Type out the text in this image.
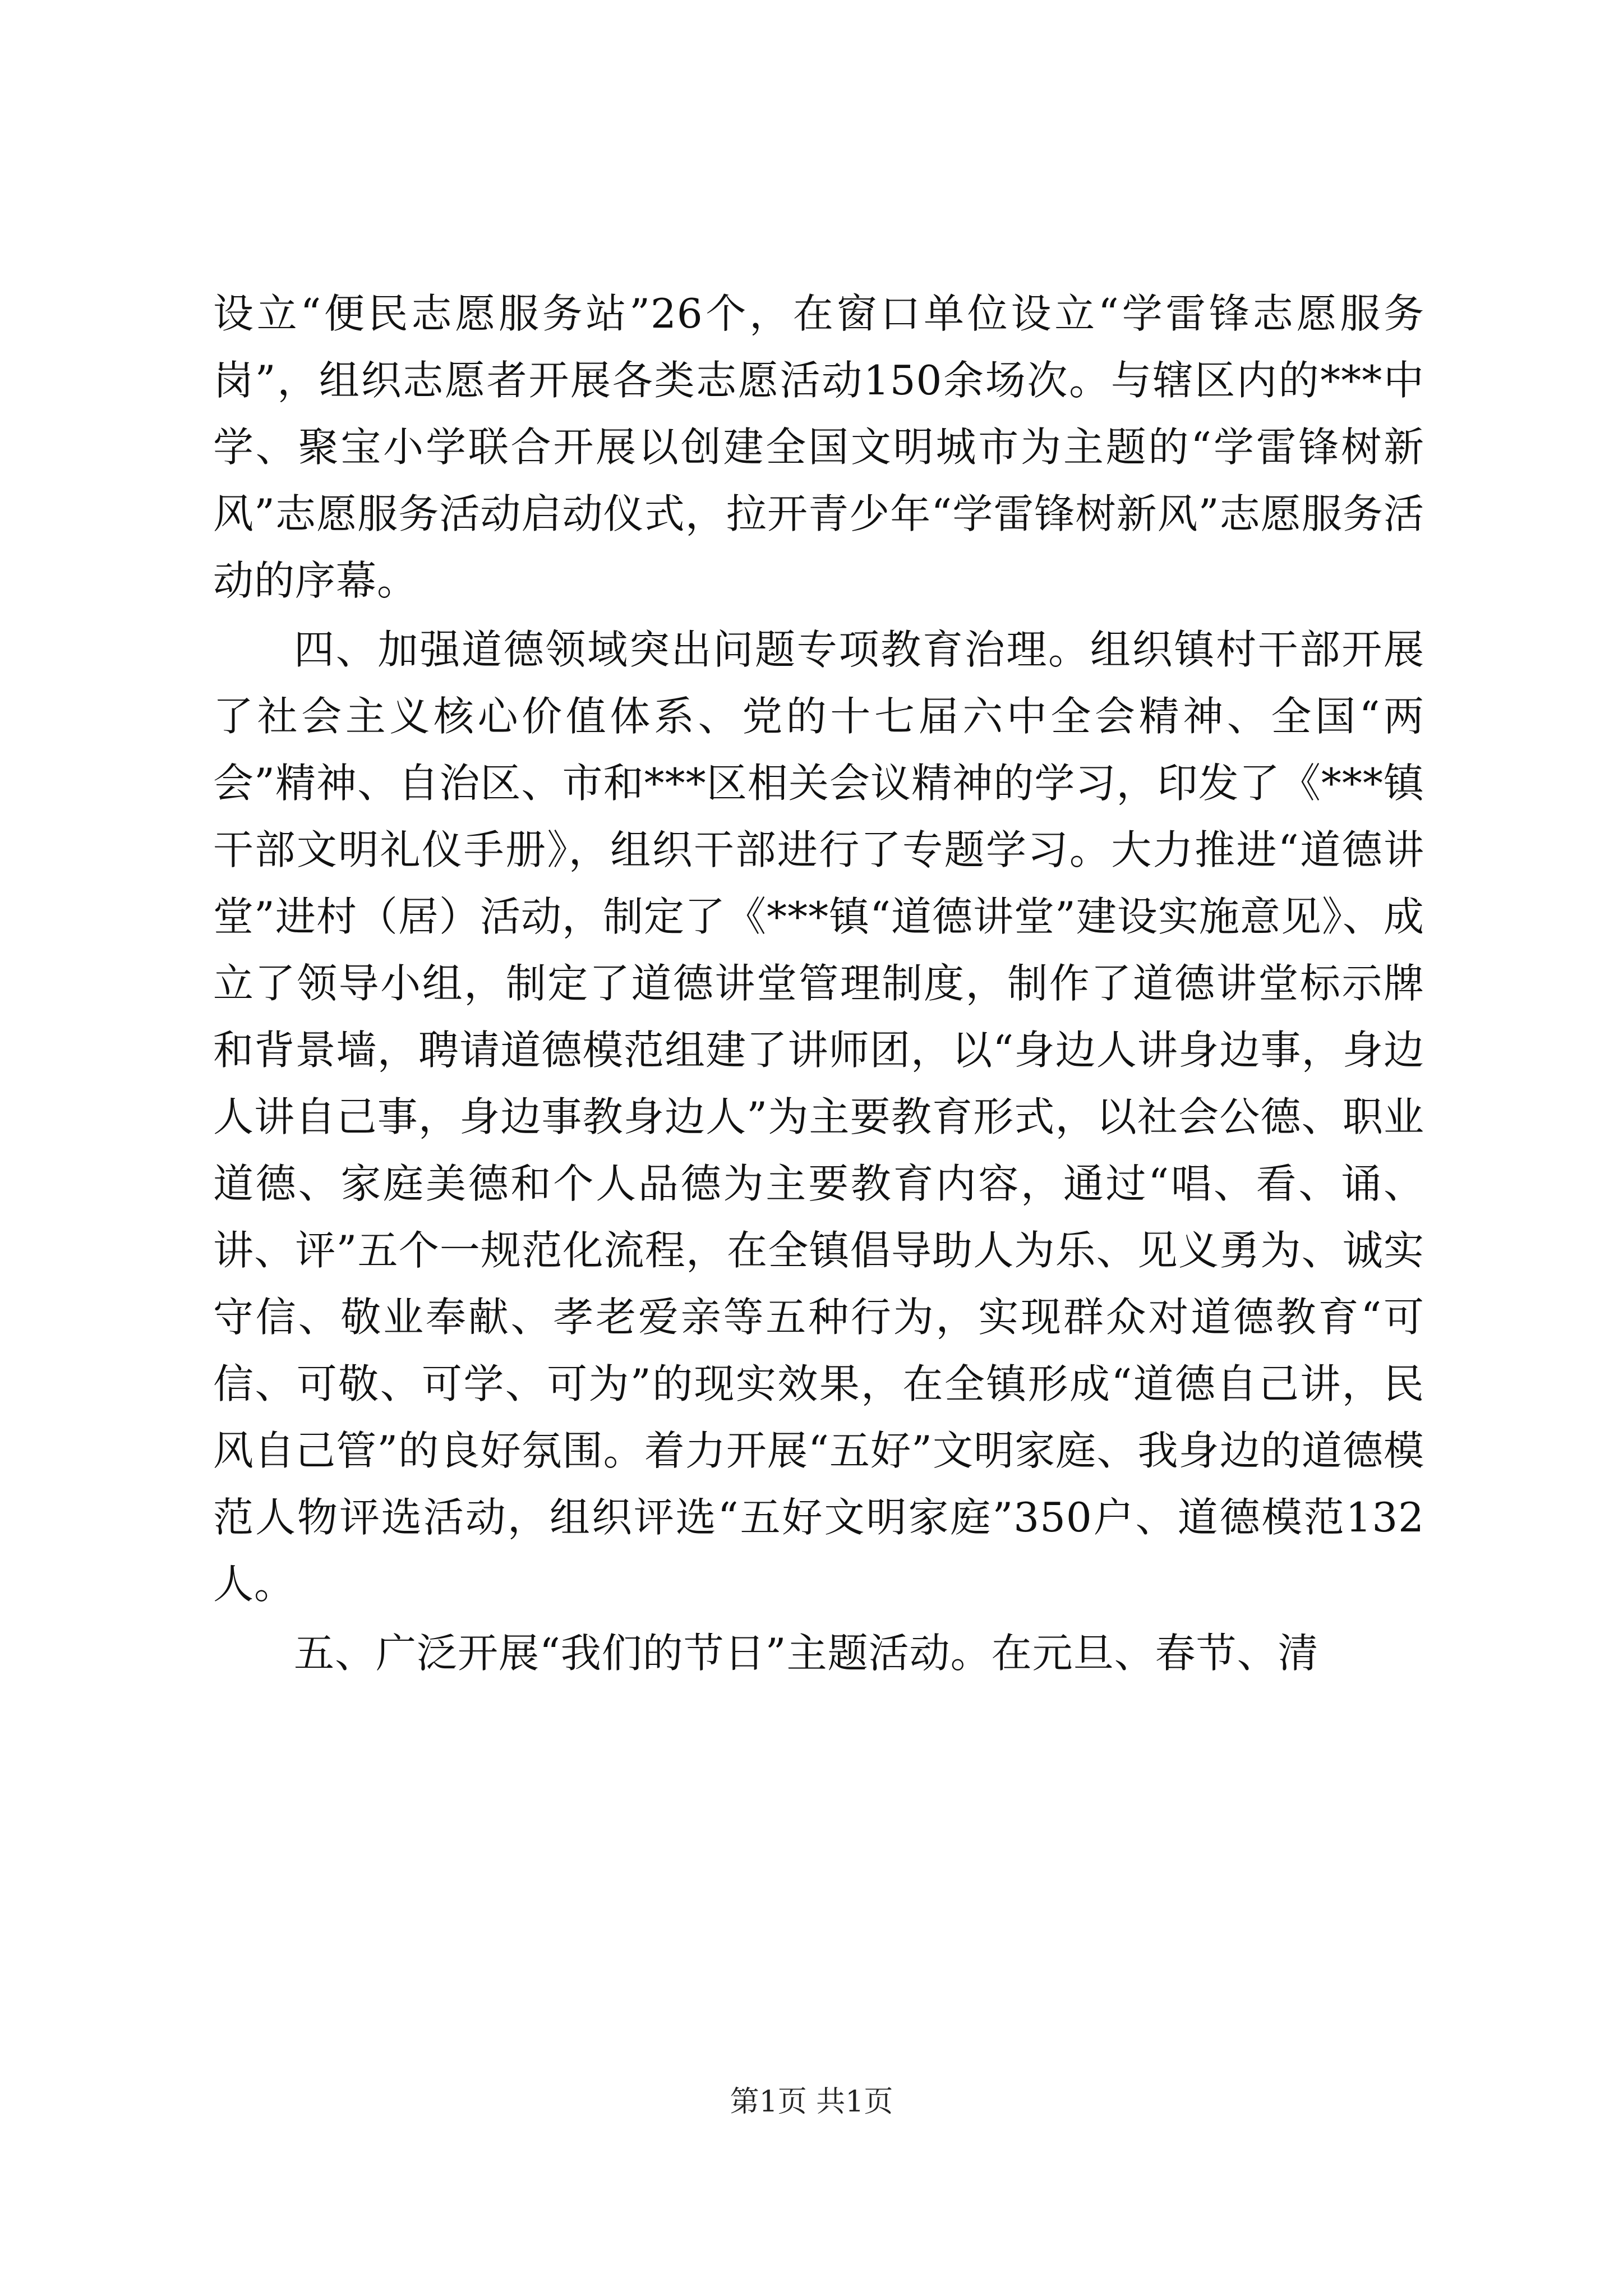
设立“便民志愿服务站”26个，在窗口单位设立“学雷锋志愿服务岗”，组织志愿者开展各类志愿活动150余场次。与辖区内的***中学、聚宝小学联合开展以创建全国文明城市为主题的“学雷锋树新风”志愿服务活动启动仪式，拉开青少年“学雷锋树新风”志愿服务活动的序幕。

四、加强道德领域突出问题专项教育治理。组织镇村干部开展了社会主义核心价值体系、党的十七届六中全会精神、全国“两会”精神、自治区、市和***区相关会议精神的学习，印发了《***镇干部文明礼仪手册》，组织干部进行了专题学习。大力推进“道德讲堂”进村（居）活动，制定了《***镇“道德讲堂”建设实施意见》、成立了领导小组，制定了道德讲堂管理制度，制作了道德讲堂标示牌和背景墙，聘请道德模范组建了讲师团，以“身边人讲身边事，身边人讲自己事，身边事教身边人”为主要教育形式，以社会公德、职业道德、家庭美德和个人品德为主要教育内容，通过“唱、看、诵、讲、评”五个一规范化流程，在全镇倡导助人为乐、见义勇为、诚实守信、敬业奉献、孝老爱亲等五种行为，实现群众对道德教育“可信、可敬、可学、可为”的现实效果，在全镇形成“道德自己讲，民风自己管”的良好氛围。着力开展“五好”文明家庭、我身边的道德模范人物评选活动，组织评选“五好文明家庭”350户、道德模范132人。

五、广泛开展“我们的节日”主题活动。在元旦、春节、清

第1页 共1页
